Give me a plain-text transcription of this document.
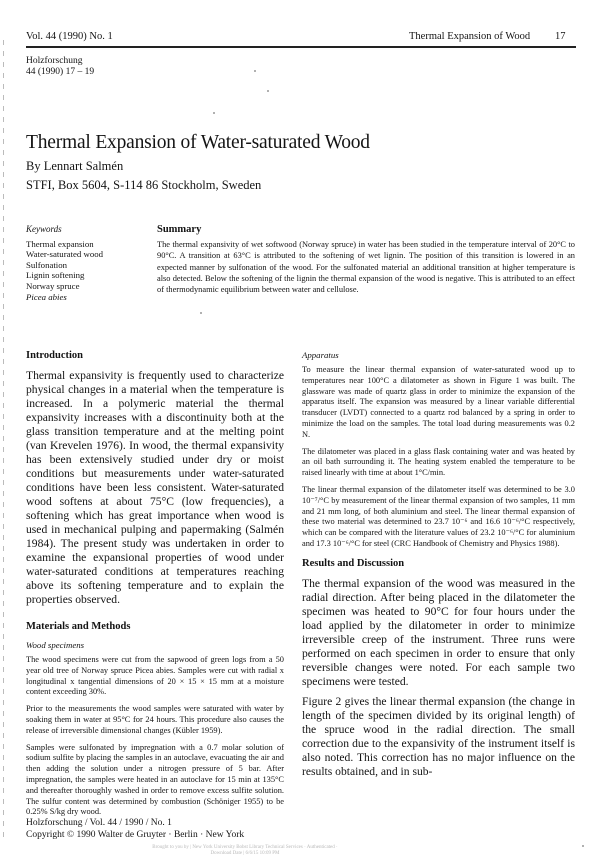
Vol. 44 (1990) No. 1	Thermal Expansion of Wood 17
Holzforschung
44 (1990) 17 – 19
Thermal Expansion of Water-saturated Wood
By Lennart Salmén
STFI, Box 5604, S-114 86 Stockholm, Sweden
Keywords
Thermal expansion
Water-saturated wood
Sulfonation
Lignin softening
Norway spruce
Picea abies
Summary
The thermal expansivity of wet softwood (Norway spruce) in water has been studied in the temperature interval of 20°C to 90°C. A transition at 63°C is attributed to the softening of wet lignin. The position of this transition is lowered in an expected manner by sulfonation of the wood. For the sulfonated material an additional transition at higher temperature is also detected. Below the softening of the lignin the thermal expansion of the wood is negative. This is attributed to an effect of thermodynamic equilibrium between water and cellulose.
Introduction
Thermal expansivity is frequently used to characterize physical changes in a material when the temperature is increased. In a polymeric material the thermal expansivity increases with a discontinuity both at the glass transition temperature and at the melting point (van Krevelen 1976). In wood, the thermal expansivity has been extensively studied under dry or moist conditions but measurements under water-saturated conditions have been less consistent. Water-saturated wood softens at about 75°C (low frequencies), a softening which has great importance when wood is used in mechanical pulping and papermaking (Salmén 1984). The present study was undertaken in order to examine the expansional properties of wood under water-saturated conditions at temperatures reaching above its softening temperature and to explain the properties observed.
Materials and Methods
Wood specimens

The wood specimens were cut from the sapwood of green logs from a 50 year old tree of Norway spruce Picea abies. Samples were cut with radial x longitudinal x tangential dimensions of 20 × 15 × 15 mm at a moisture content exceeding 30%.

Prior to the measurements the wood samples were saturated with water by soaking them in water at 95°C for 24 hours. This procedure also causes the release of irreversible dimensional changes (Kübler 1959).

Samples were sulfonated by impregnation with a 0.7 molar solution of sodium sulfite by placing the samples in an autoclave, evacuating the air and then adding the solution under a nitrogen pressure of 5 bar. After impregnation, the samples were heated in an autoclave for 15 min at 135°C and thereafter thoroughly washed in order to remove excess sulfite solution. The sulfur content was determined by combustion (Schöniger 1955) to be 0.25% S/kg dry wood.

Apparatus

To measure the linear thermal expansion of water-saturated wood up to temperatures near 100°C a dilatometer as shown in Figure 1 was built. The glassware was made of quartz glass in order to minimize the expansion of the apparatus itself. The expansion was measured by a linear variable differential transducer (LVDT) connected to a quartz rod balanced by a spring in order to minimize the load on the samples. The total load during measurements was 0.2 N.

The dilatometer was placed in a glass flask containing water and was heated by an oil bath surrounding it. The heating system enabled the temperature to be raised linearly with time at about 1°C/min.

The linear thermal expansion of the dilatometer itself was determined to be 3.0 10⁻⁷/°C by measurement of the linear thermal expansion of two samples, 11 mm and 21 mm long, of both aluminium and steel. The linear thermal expansion of these two material was determined to 23.7 10⁻⁶ and 16.6 10⁻⁶/°C respectively, which can be compared with the literature values of 23.2 10⁻⁶/°C for aluminium and 17.3 10⁻⁶/°C for steel (CRC Handbook of Chemistry and Physics 1988).

Results and Discussion

The thermal expansion of the wood was measured in the radial direction. After being placed in the dilatometer the specimen was heated to 90°C for four hours under the load applied by the dilatometer in order to minimize irreversible creep of the instrument. Three runs were performed on each specimen in order to ensure that only reversible changes were noted. For each sample two specimens were tested.

Figure 2 gives the linear thermal expansion (the change in length of the specimen divided by its original length) of the spruce wood in the radial direction. The small correction due to the expansivity of the instrument itself is also noted. This correction has no major influence on the results obtained, and in sub-

Holzforschung / Vol. 44 / 1990 / No. 1
Copyright © 1990 Walter de Gruyter · Berlin · New York
Brought to you by | New York University Bobst Library Technical Services · Authenticated · Download Date | 6/6/15 10:09 PM
